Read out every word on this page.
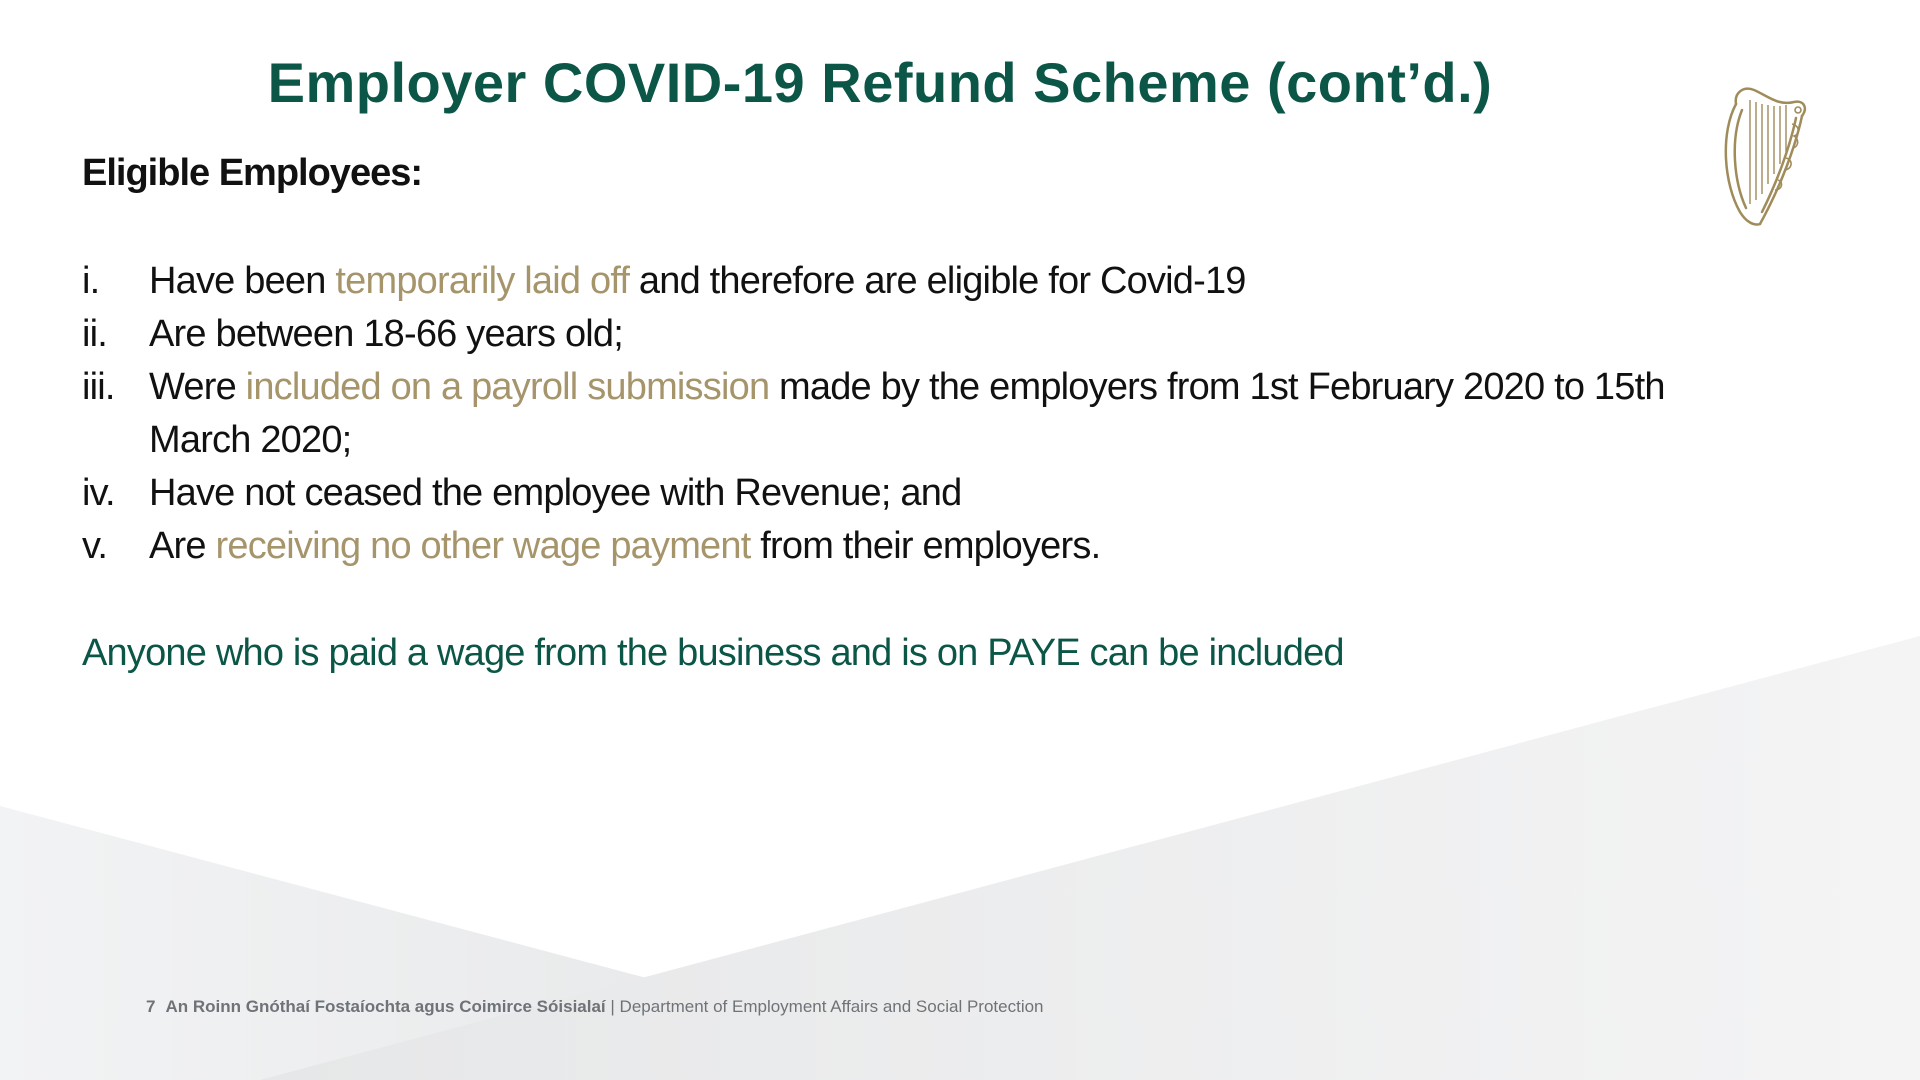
Employer COVID-19 Refund Scheme (cont’d.)
Eligible Employees:
i. Have been temporarily laid off and therefore are eligible for Covid-19
ii. Are between 18-66 years old;
iii. Were included on a payroll submission made by the employers from 1st February 2020 to 15th March 2020;
iv. Have not ceased the employee with Revenue; and
v. Are receiving no other wage payment from their employers.

Anyone who is paid a wage from the business and is on PAYE can be included

7 An Roinn Gnóthaí Fostaíochta agus Coimirce Sóisialaí | Department of Employment Affairs and Social Protection
